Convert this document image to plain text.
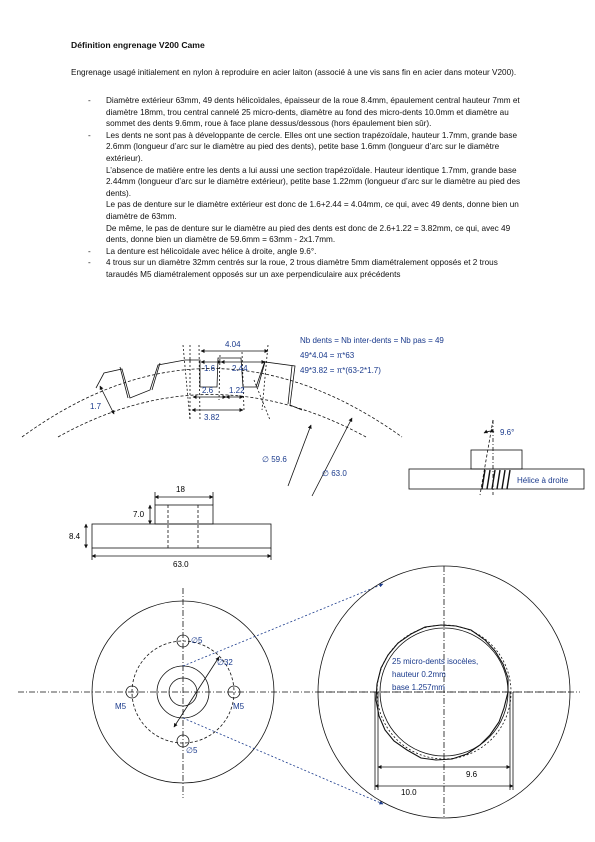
Définition engrenage V200 Came
Engrenage usagé initialement en nylon à reproduire en acier laiton (associé à une vis sans fin en acier dans moteur V200).
- Diamètre extérieur 63mm, 49 dents hélicoïdales, épaisseur de la roue 8.4mm, épaulement central hauteur 7mm et diamètre 18mm, trou central cannelé 25 micro-dents, diamètre au fond des micro-dents 10.0mm et diamètre au sommet des dents 9.6mm, roue à face plane dessus/dessous (hors épaulement bien sûr).

- Les dents ne sont pas à développante de cercle. Elles ont une section trapézoïdale, hauteur 1.7mm, grande base 2.6mm (longueur d’arc sur le diamètre au pied des dents), petite base 1.6mm (longueur d’arc sur le diamètre extérieur).

L’absence de matière entre les dents a lui aussi une section trapézoïdale. Hauteur identique 1.7mm, grande base 2.44mm (longueur d’arc sur le diamètre extérieur), petite base 1.22mm (longueur d’arc sur le diamètre au pied des dents).

Le pas de denture sur le diamètre extérieur est donc de 1.6+2.44 = 4.04mm, ce qui, avec 49 dents, donne bien un diamètre de 63mm.

De même, le pas de denture sur le diamètre au pied des dents est donc de 2.6+1.22 = 3.82mm, ce qui, avec 49 dents, donne bien un diamètre de 59.6mm = 63mm - 2x1.7mm.

- La denture est hélicoïdale avec hélice à droite, angle 9.6°.

- 4 trous sur un diamètre 32mm centrés sur la roue, 2 trous diamètre 5mm diamétralement opposés et 2 trous taraudés M5 diamétralement opposés sur un axe perpendiculaire aux précédents

4.04
1.6 2.44
2.6 1.22
3.82
1.7
∅ 59.6
∅ 63.0
Nb dents = Nb inter-dents = Nb pas = 49
49*4.04 = π*63
49*3.82 = π*(63-2*1.7)
9.6°
Hélice à droite
18
7.0
8.4
63.0
∅5
∅5
∅32
M5	M5
25 micro-dents isocèles,
hauteur 0.2mm
base 1.257mm
9.6
10.0
